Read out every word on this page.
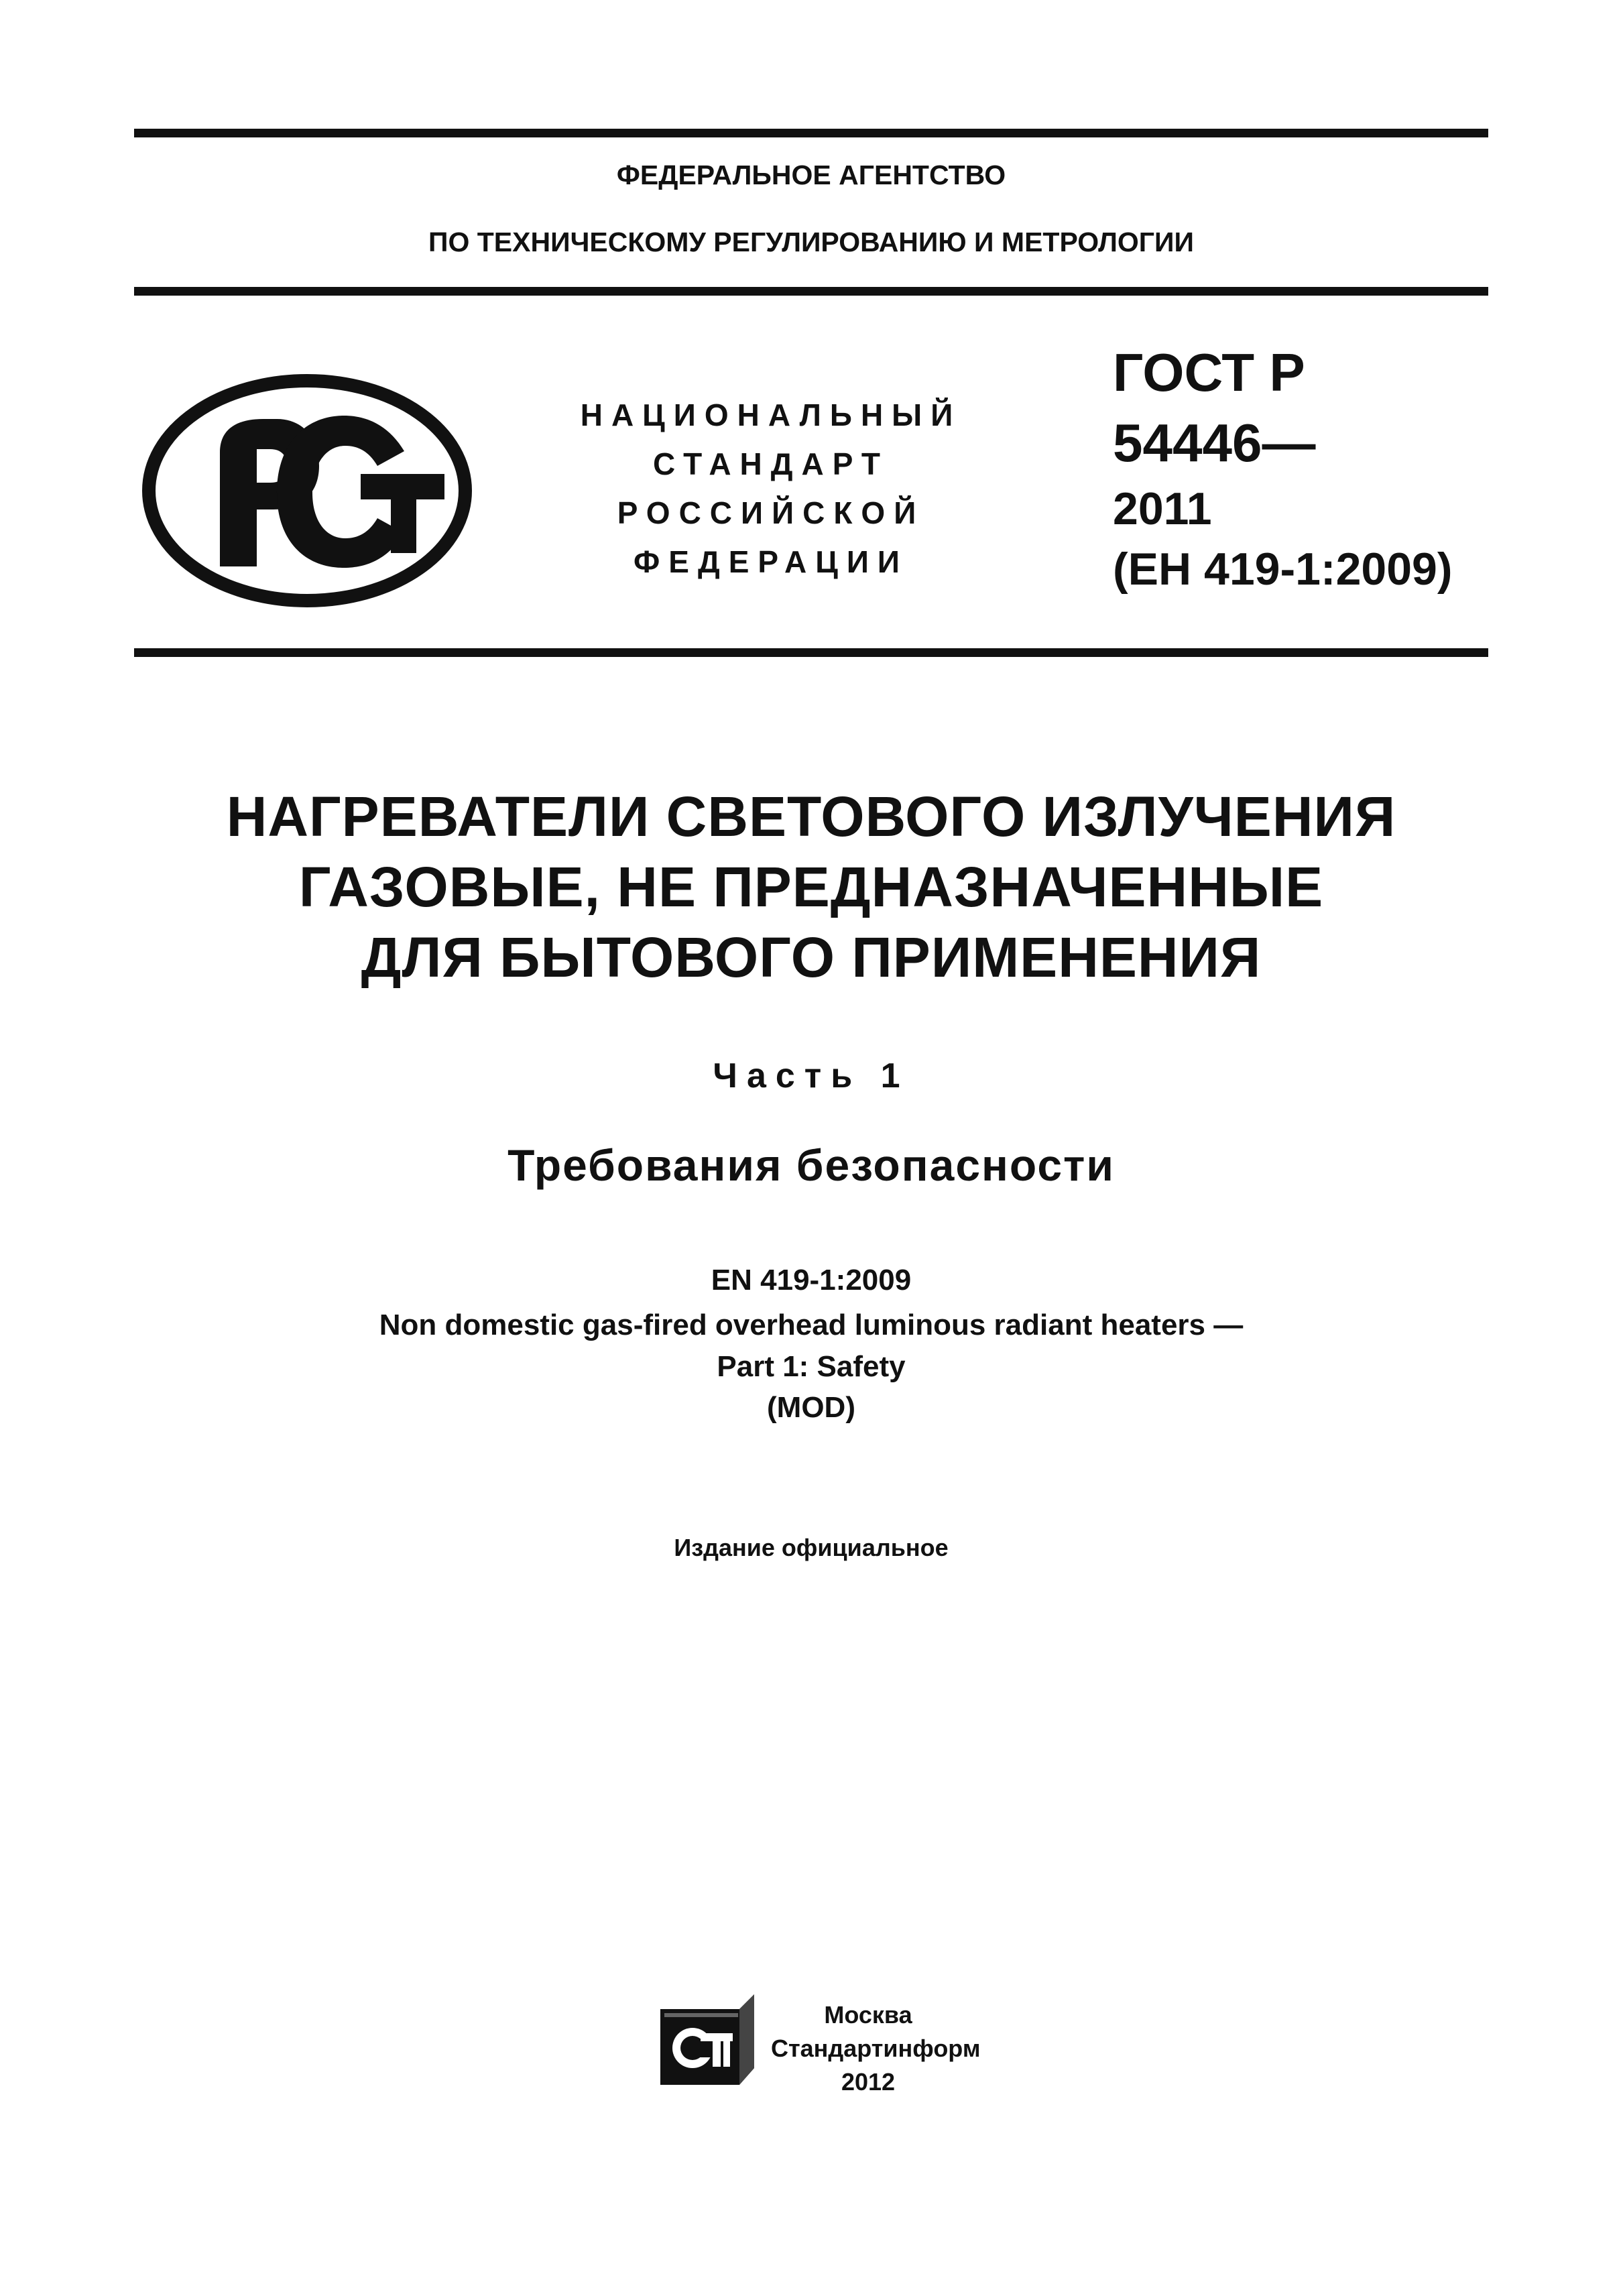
ФЕДЕРАЛЬНОЕ АГЕНТСТВО
ПО ТЕХНИЧЕСКОМУ РЕГУЛИРОВАНИЮ И МЕТРОЛОГИИ
НАЦИОНАЛЬНЫЙ
СТАНДАРТ
РОССИЙСКОЙ
ФЕДЕРАЦИИ
ГОСТ Р
54446—
2011
(ЕН 419-1:2009)
НАГРЕВАТЕЛИ СВЕТОВОГО ИЗЛУЧЕНИЯ
ГАЗОВЫЕ, НЕ ПРЕДНАЗНАЧЕННЫЕ
ДЛЯ БЫТОВОГО ПРИМЕНЕНИЯ
Часть 1
Требования безопасности
EN 419-1:2009
Non domestic gas-fired overhead luminous radiant heaters —
Part 1: Safety
(MOD)
Издание официальное
Москва
Стандартинформ
2012
